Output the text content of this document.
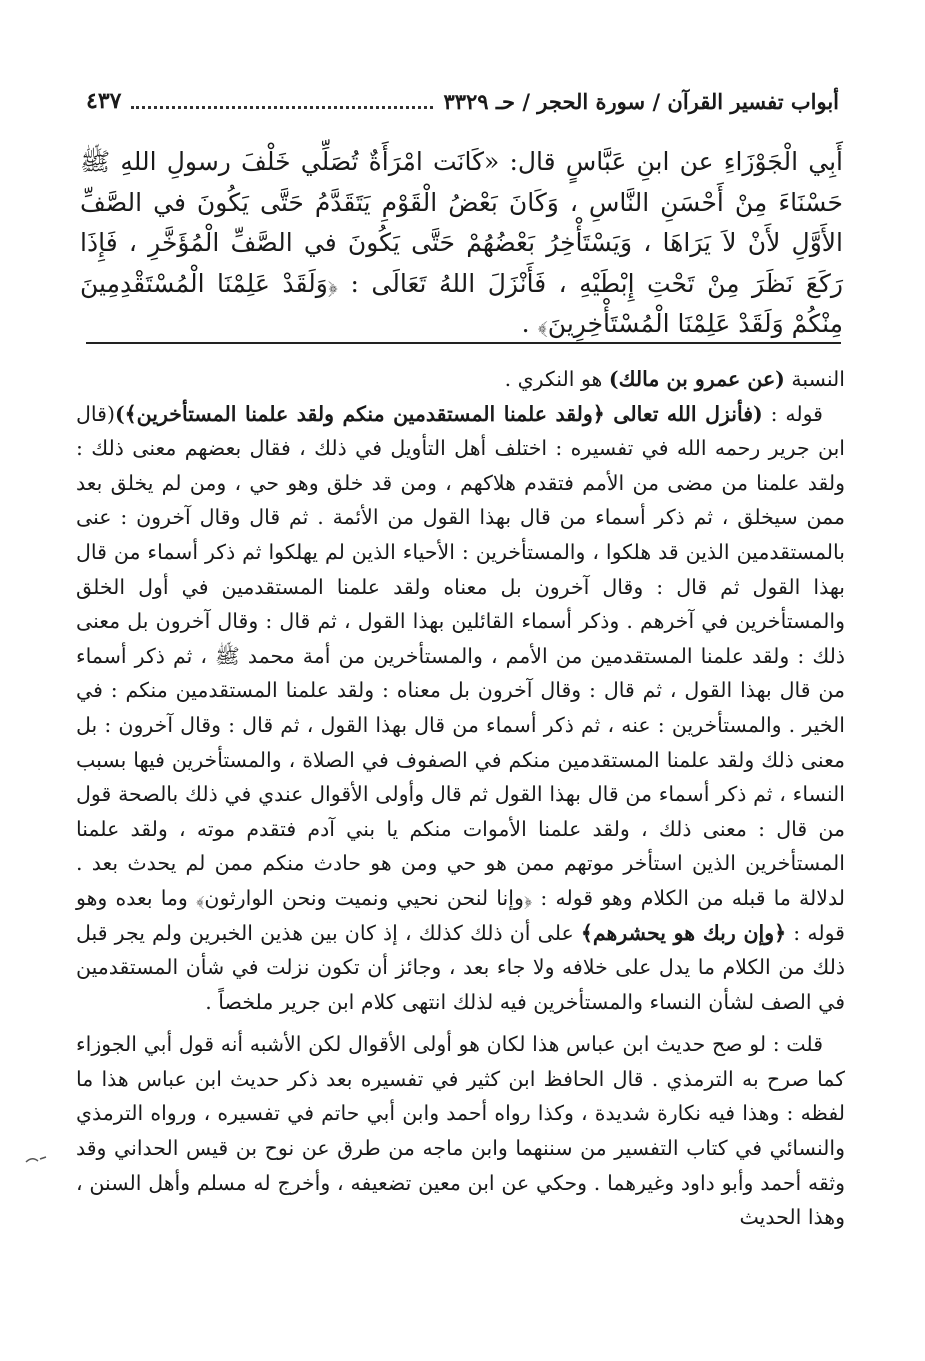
أبواب تفسير القرآن / سورة الحجر / حـ ٣٣٢٩
٤٣٧
أَبِي الْجَوْزَاءِ عن ابنِ عَبَّاسٍ قال: «كَانَت امْرَأَةٌ تُصَلِّي خَلْفَ رسولِ اللهِ ﷺ حَسْنَاءَ مِنْ أَحْسَنِ النَّاسِ ، وَكَانَ بَعْضُ الْقَوْمِ يَتَقَدَّمُ حَتَّى يَكُونَ في الصَّفِّ الأَوَّلِ لأَنْ لاَ يَرَاهَا ، وَيَسْتَأْخِرُ بَعْضُهُمْ حَتَّى يَكُونَ في الصَّفِّ الْمُؤَخَّرِ ، فَإِذَا رَكَعَ نَظَرَ مِنْ تَحْتِ إِبْطَيْهِ ، فَأَنْزَلَ اللهُ تَعَالَى : ﴿وَلَقَدْ عَلِمْنَا الْمُسْتَقْدِمِينَ مِنْكُمْ وَلَقَدْ عَلِمْنَا الْمُسْتَأْخِرِينَ﴾ .

النسبة (عن عمرو بن مالك) هو النكري .

قوله : (فأنزل الله تعالى ﴿ولقد علمنا المستقدمين منكم ولقد علمنا المستأخرين﴾)(قال ابن جرير رحمه الله في تفسيره : اختلف أهل التأويل في ذلك ، فقال بعضهم معنى ذلك : ولقد علمنا من مضى من الأمم فتقدم هلاكهم ، ومن قد خلق وهو حي ، ومن لم يخلق بعد ممن سيخلق ، ثم ذكر أسماء من قال بهذا القول من الأئمة . ثم قال وقال آخرون : عنى بالمستقدمين الذين قد هلكوا ، والمستأخرين : الأحياء الذين لم يهلكوا ثم ذكر أسماء من قال بهذا القول ثم قال : وقال آخرون بل معناه ولقد علمنا المستقدمين في أول الخلق والمستأخرين في آخرهم . وذكر أسماء القائلين بهذا القول ، ثم قال : وقال آخرون بل معنى ذلك : ولقد علمنا المستقدمين من الأمم ، والمستأخرين من أمة محمد ﷺ ، ثم ذكر أسماء من قال بهذا القول ، ثم قال : وقال آخرون بل معناه : ولقد علمنا المستقدمين منكم : في الخير . والمستأخرين : عنه ، ثم ذكر أسماء من قال بهذا القول ، ثم قال : وقال آخرون : بل معنى ذلك ولقد علمنا المستقدمين منكم في الصفوف في الصلاة ، والمستأخرين فيها بسبب النساء ، ثم ذكر أسماء من قال بهذا القول ثم قال وأولى الأقوال عندي في ذلك بالصحة قول من قال : معنى ذلك ، ولقد علمنا الأموات منكم يا بني آدم فتقدم موته ، ولقد علمنا المستأخرين الذين استأخر موتهم ممن هو حي ومن هو حادث منكم ممن لم يحدث بعد . لدلالة ما قبله من الكلام وهو قوله : ﴿وإنا لنحن نحيي ونميت ونحن الوارثون﴾ وما بعده وهو قوله : ﴿وإن ربك هو يحشرهم﴾ على أن ذلك كذلك ، إذ كان بين هذين الخبرين ولم يجر قبل ذلك من الكلام ما يدل على خلافه ولا جاء بعد ، وجائز أن تكون نزلت في شأن المستقدمين في الصف لشأن النساء والمستأخرين فيه لذلك انتهى كلام ابن جرير ملخصاً .

قلت : لو صح حديث ابن عباس هذا لكان هو أولى الأقوال لكن الأشبه أنه قول أبي الجوزاء كما صرح به الترمذي . قال الحافظ ابن كثير في تفسيره بعد ذكر حديث ابن عباس هذا ما لفظه : وهذا فيه نكارة شديدة ، وكذا رواه أحمد وابن أبي حاتم في تفسيره ، ورواه الترمذي والنسائي في كتاب التفسير من سننهما وابن ماجه من طرق عن نوح بن قيس الحداني وقد وثقه أحمد وأبو داود وغيرهما . وحكي عن ابن معين تضعيفه ، وأخرج له مسلم وأهل السنن ، وهذا الحديث
